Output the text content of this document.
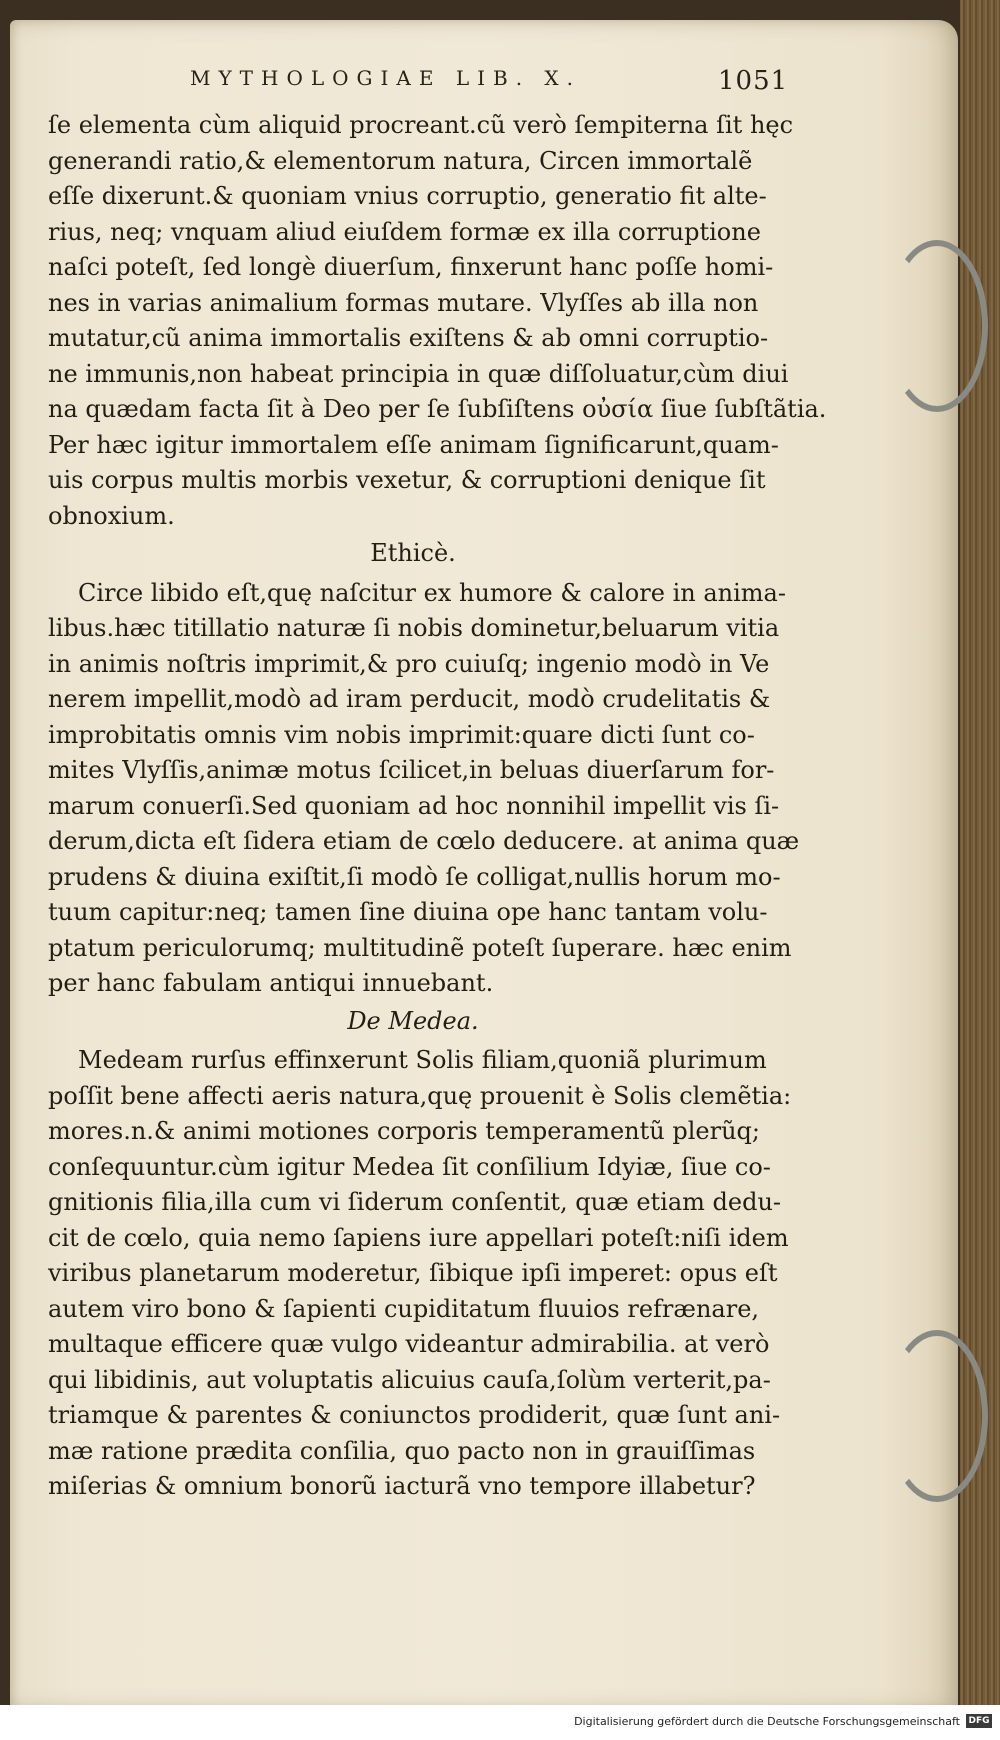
MYTHOLOGIAE LIB. X.	1051
ſe elementa cùm aliquid procreant.cũ verò ſempiterna ſit hęc
generandi ratio,& elementorum natura, Circen immortalẽ
eſſe dixerunt.& quoniam vnius corruptio, generatio fit alte-
rius, neq; vnquam aliud eiuſdem formæ ex illa corruptione
naſci poteſt, ſed longè diuerſum, finxerunt hanc poſſe homi-
nes in varias animalium formas mutare. Vlyſſes ab illa non
mutatur,cũ anima immortalis exiſtens & ab omni corruptio-
ne immunis,non habeat principia in quæ diſſoluatur,cùm diui
na quædam facta ſit à Deo per ſe ſubſiſtens οὐσία ſiue ſubſtãtia.
Per hæc igitur immortalem eſſe animam ſignificarunt,quam-
uis corpus multis morbis vexetur, & corruptioni denique ſit
obnoxium.
Ethicè.
Circe libido eſt,quę naſcitur ex humore & calore in anima-
libus.hæc titillatio naturæ ſi nobis dominetur,beluarum vitia
in animis noſtris imprimit,& pro cuiuſq; ingenio modò in Ve
nerem impellit,modò ad iram perducit, modò crudelitatis &
improbitatis omnis vim nobis imprimit:quare dicti ſunt co-
mites Vlyſſis,animæ motus ſcilicet,in beluas diuerſarum for-
marum conuerſi.Sed quoniam ad hoc nonnihil impellit vis ſi-
derum,dicta eſt ſidera etiam de cœlo deducere. at anima quæ
prudens & diuina exiſtit,ſi modò ſe colligat,nullis horum mo-
tuum capitur:neq; tamen ſine diuina ope hanc tantam volu-
ptatum periculorumq; multitudinẽ poteſt ſuperare. hæc enim
per hanc fabulam antiqui innuebant.
De Medea.
Medeam rurſus effinxerunt Solis filiam,quoniã plurimum
poſſit bene affecti aeris natura,quę prouenit è Solis clemẽtia:
mores.n.& animi motiones corporis temperamentũ plerũq;
conſequuntur.cùm igitur Medea ſit conſilium Idyiæ, ſiue co-
gnitionis filia,illa cum vi ſiderum conſentit, quæ etiam dedu-
cit de cœlo, quia nemo ſapiens iure appellari poteſt:niſi idem
viribus planetarum moderetur, ſibique ipſi imperet: opus eſt
autem viro bono & ſapienti cupiditatum fluuios refrænare,
multaque efficere quæ vulgo videantur admirabilia. at verò
qui libidinis, aut voluptatis alicuius cauſa,ſolùm verterit,pa-
triamque & parentes & coniunctos prodiderit, quæ ſunt ani-
mæ ratione prædita conſilia, quo pacto non in grauiſſimas
miſerias & omnium bonorũ iacturã vno tempore illabetur?
Digitalisierung gefördert durch die Deutsche Forschungsgemeinschaft DFG
